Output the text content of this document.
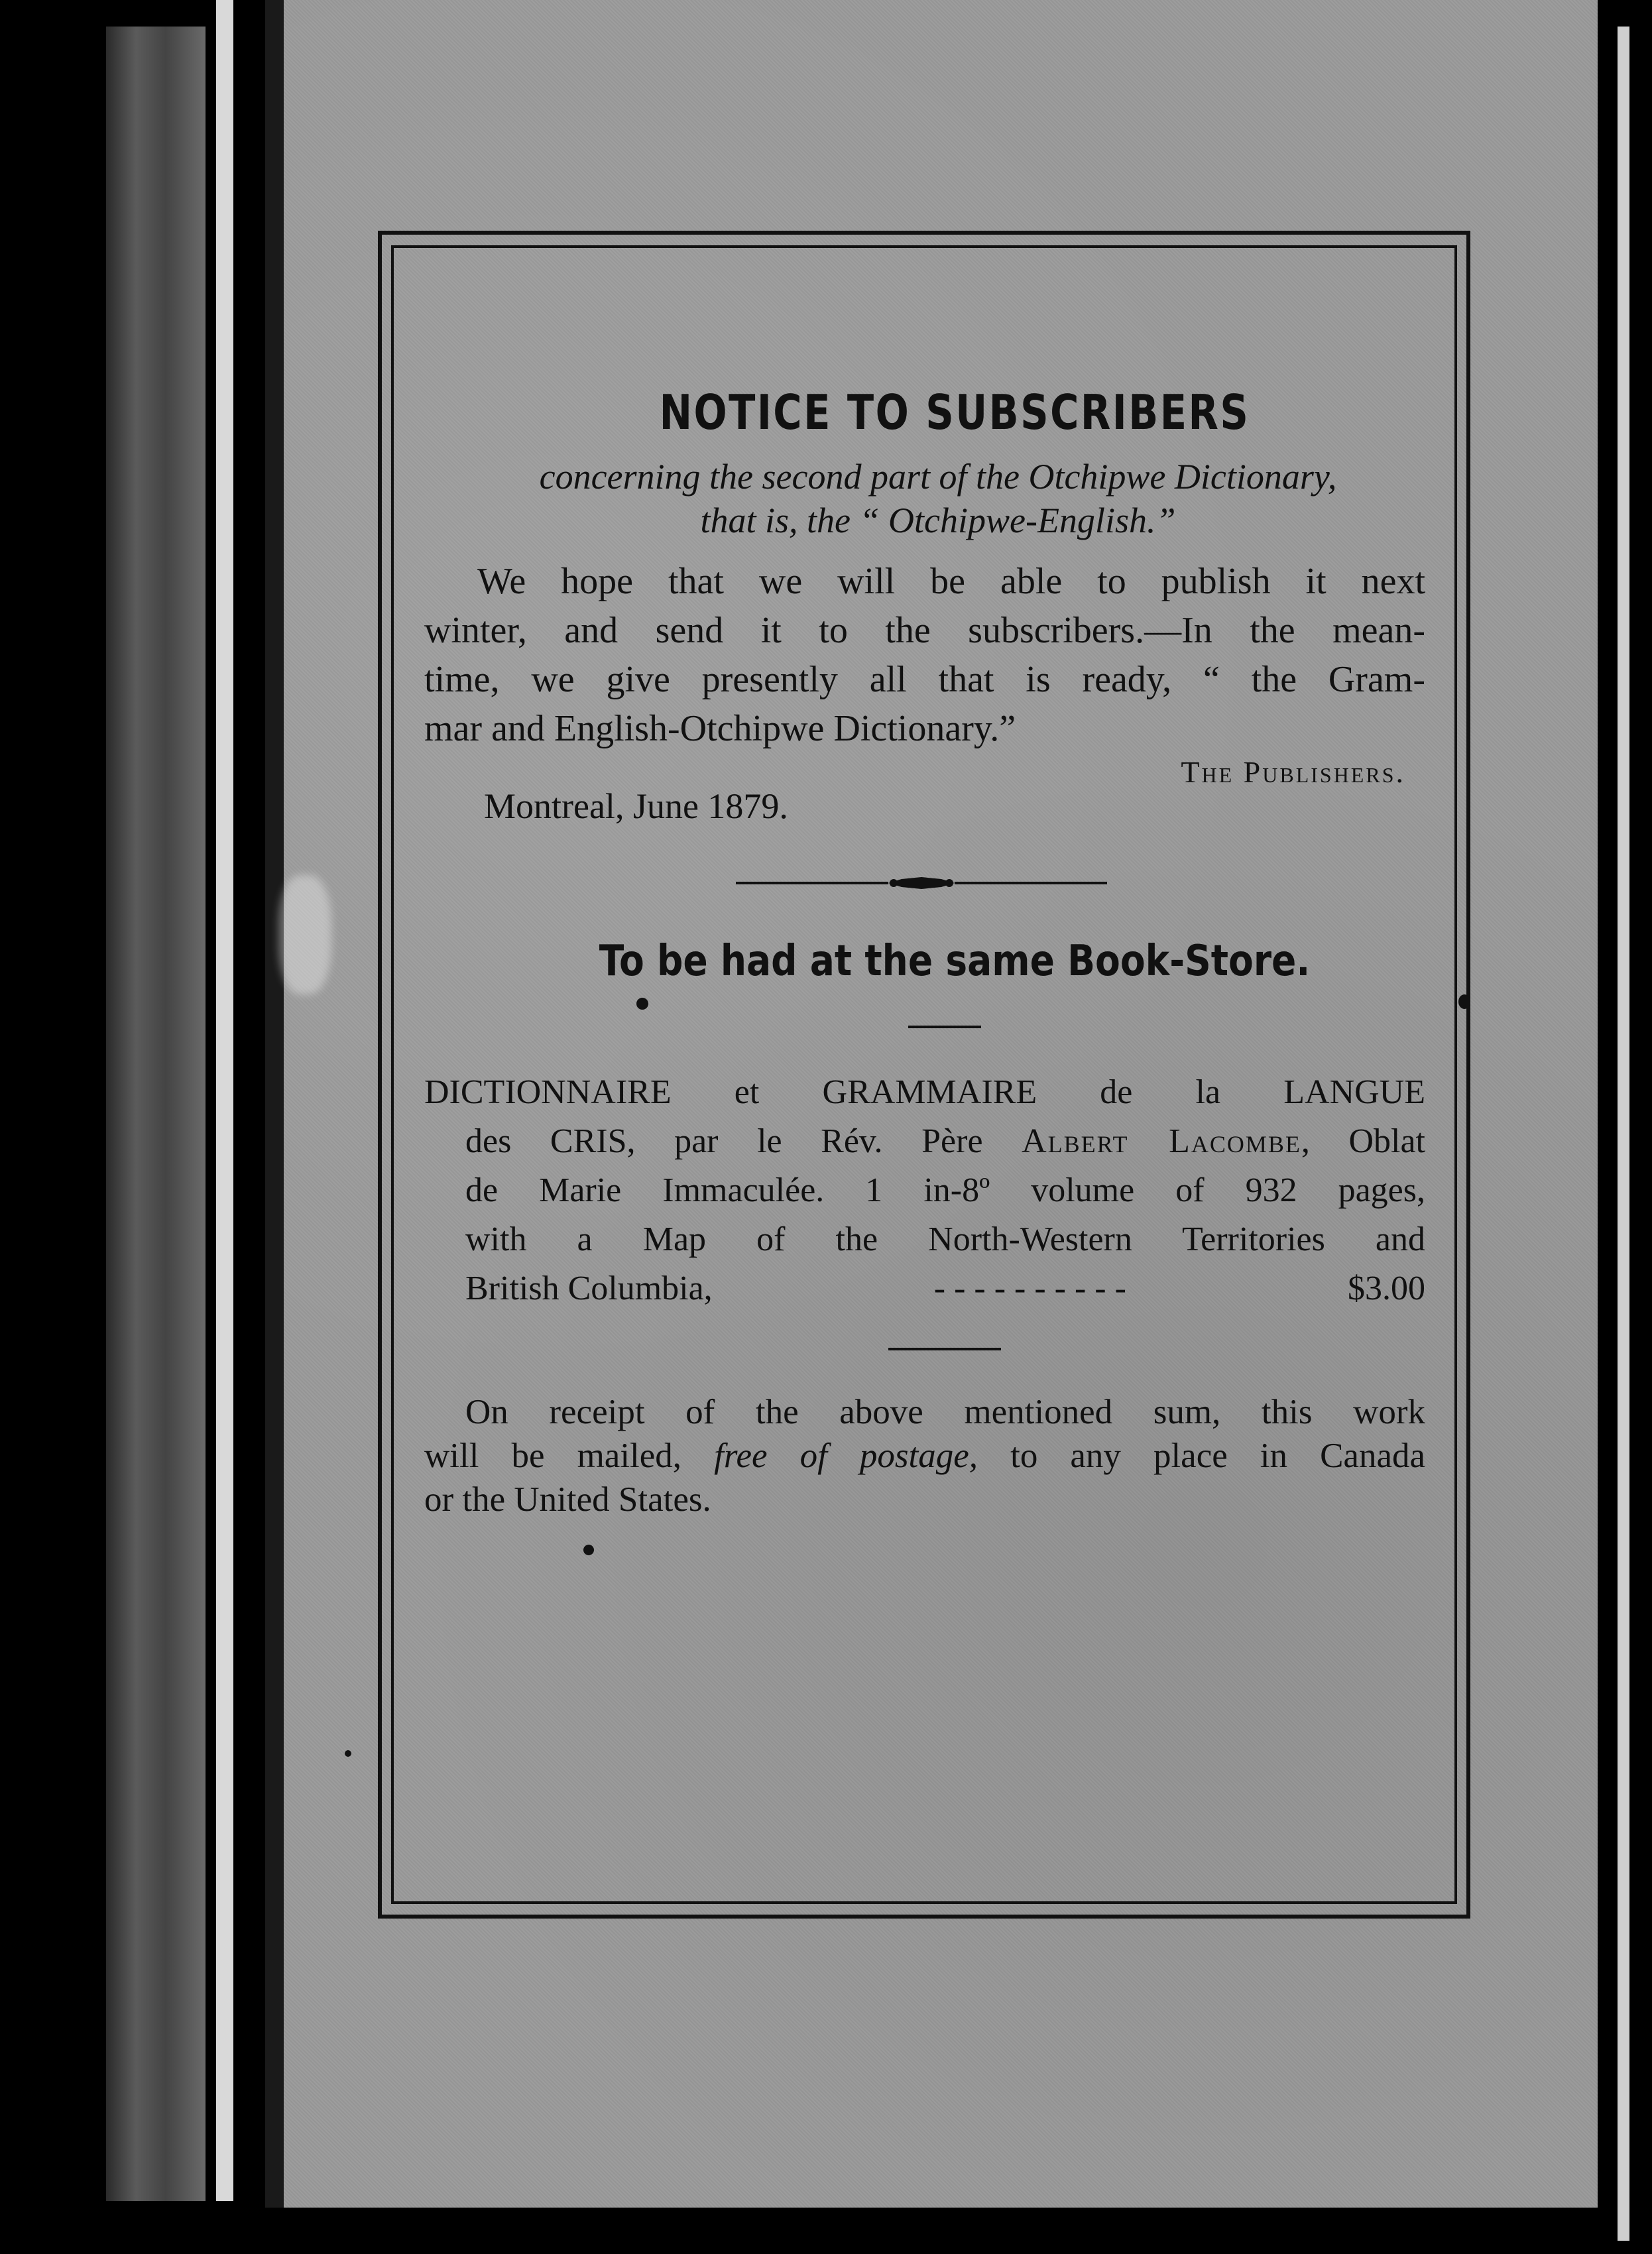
NOTICE TO SUBSCRIBERS
concerning the second part of the Otchipwe Dictionary,
that is, the “ Otchipwe-English.”
We hope that we will be able to publish it next
winter, and send it to the subscribers.—In the mean-
time, we give presently all that is ready, “ the Gram-
mar and English-Otchipwe Dictionary.”
The Publishers.
Montreal, June 1879.
To be had at the same Book-Store.
DICTIONNAIRE et GRAMMAIRE de la LANGUE
des CRIS, par le Rév. Père Albert Lacombe, Oblat
de Marie Immaculée. 1 in-8º volume of 932 pages,
with a Map of the North-Western Territories and
British Columbia,	- - - - - - - - - -	$3.00
On receipt of the above mentioned sum, this work
will be mailed, free of postage, to any place in Canada
or the United States.
